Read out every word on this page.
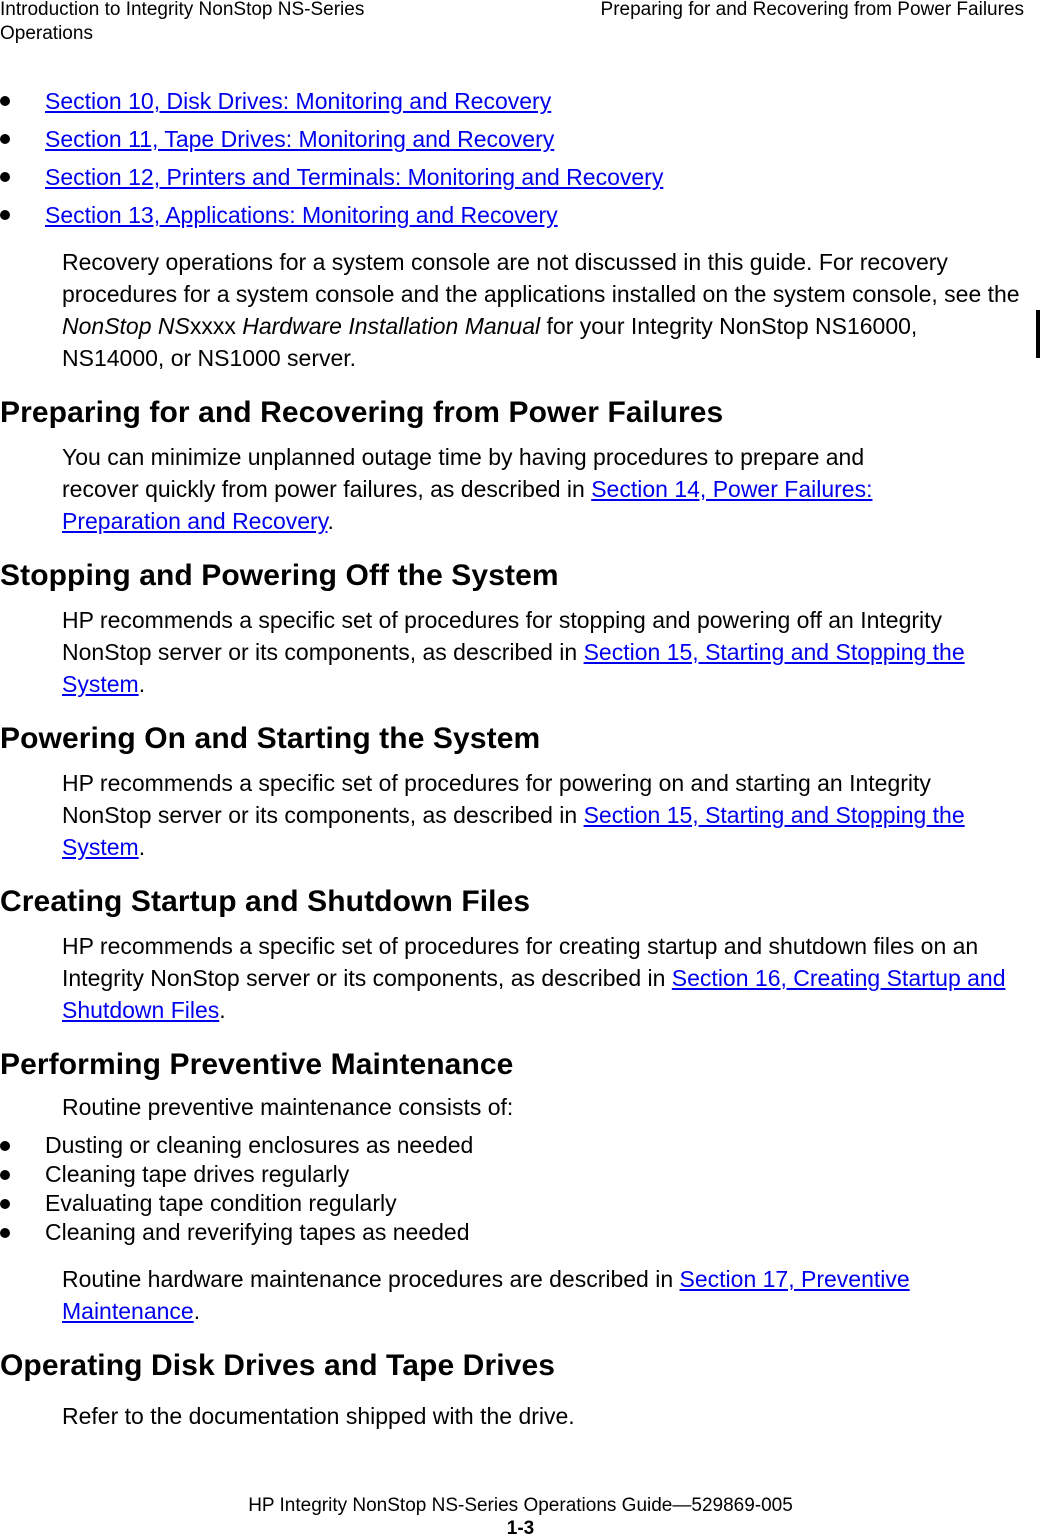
Introduction to Integrity NonStop NS-Series
Operations
Preparing for and Recovering from Power Failures
Section 10, Disk Drives: Monitoring and Recovery
Section 11, Tape Drives: Monitoring and Recovery
Section 12, Printers and Terminals: Monitoring and Recovery
Section 13, Applications: Monitoring and Recovery

Recovery operations for a system console are not discussed in this guide. For recovery procedures for a system console and the applications installed on the system console, see the NonStop NSxxxx Hardware Installation Manual for your Integrity NonStop NS16000, NS14000, or NS1000 server.

Preparing for and Recovering from Power Failures

You can minimize unplanned outage time by having procedures to prepare and recover quickly from power failures, as described in Section 14, Power Failures: Preparation and Recovery.

Stopping and Powering Off the System

HP recommends a specific set of procedures for stopping and powering off an Integrity NonStop server or its components, as described in Section 15, Starting and Stopping the System.

Powering On and Starting the System

HP recommends a specific set of procedures for powering on and starting an Integrity NonStop server or its components, as described in Section 15, Starting and Stopping the System.

Creating Startup and Shutdown Files

HP recommends a specific set of procedures for creating startup and shutdown files on an Integrity NonStop server or its components, as described in Section 16, Creating Startup and Shutdown Files.

Performing Preventive Maintenance

Routine preventive maintenance consists of:

Dusting or cleaning enclosures as needed
Cleaning tape drives regularly
Evaluating tape condition regularly
Cleaning and reverifying tapes as needed

Routine hardware maintenance procedures are described in Section 17, Preventive Maintenance.

Operating Disk Drives and Tape Drives

Refer to the documentation shipped with the drive.

HP Integrity NonStop NS-Series Operations Guide—529869-005
1-3
